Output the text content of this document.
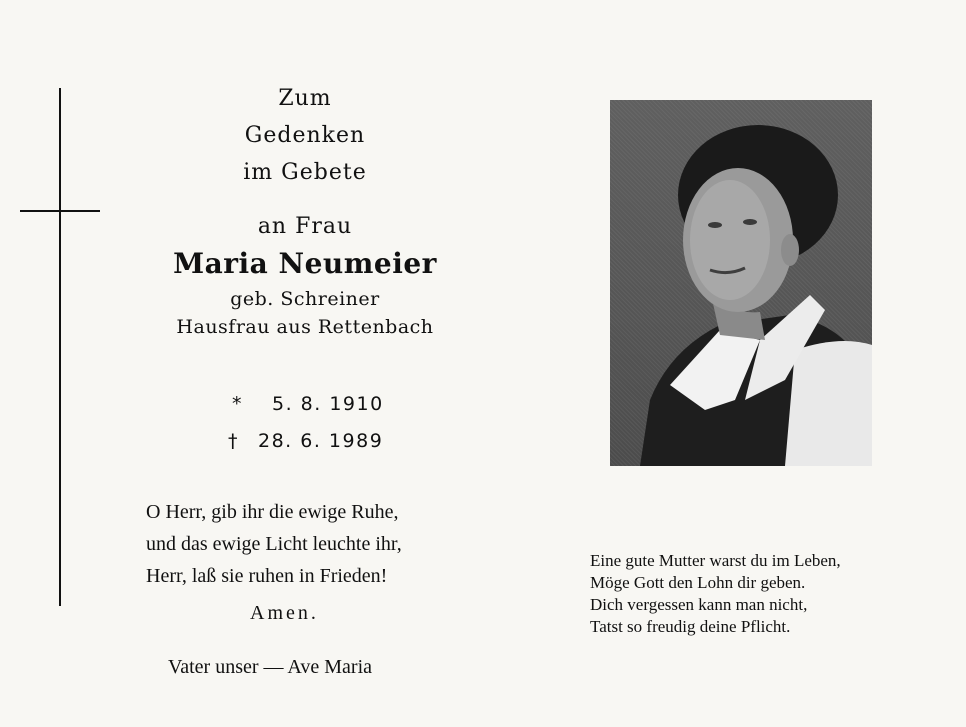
Zum

Gedenken

im Gebete

an Frau

Maria Neumeier

geb. Schreiner

Hausfrau aus Rettenbach

* 5. 8. 1910
† 28. 6. 1989
O Herr, gib ihr die ewige Ruhe,
und das ewige Licht leuchte ihr,
Herr, laß sie ruhen in Frieden!
Amen.
Vater unser — Ave Maria
Eine gute Mutter warst du im Leben,
Möge Gott den Lohn dir geben.
Dich vergessen kann man nicht,
Tatst so freudig deine Pflicht.
